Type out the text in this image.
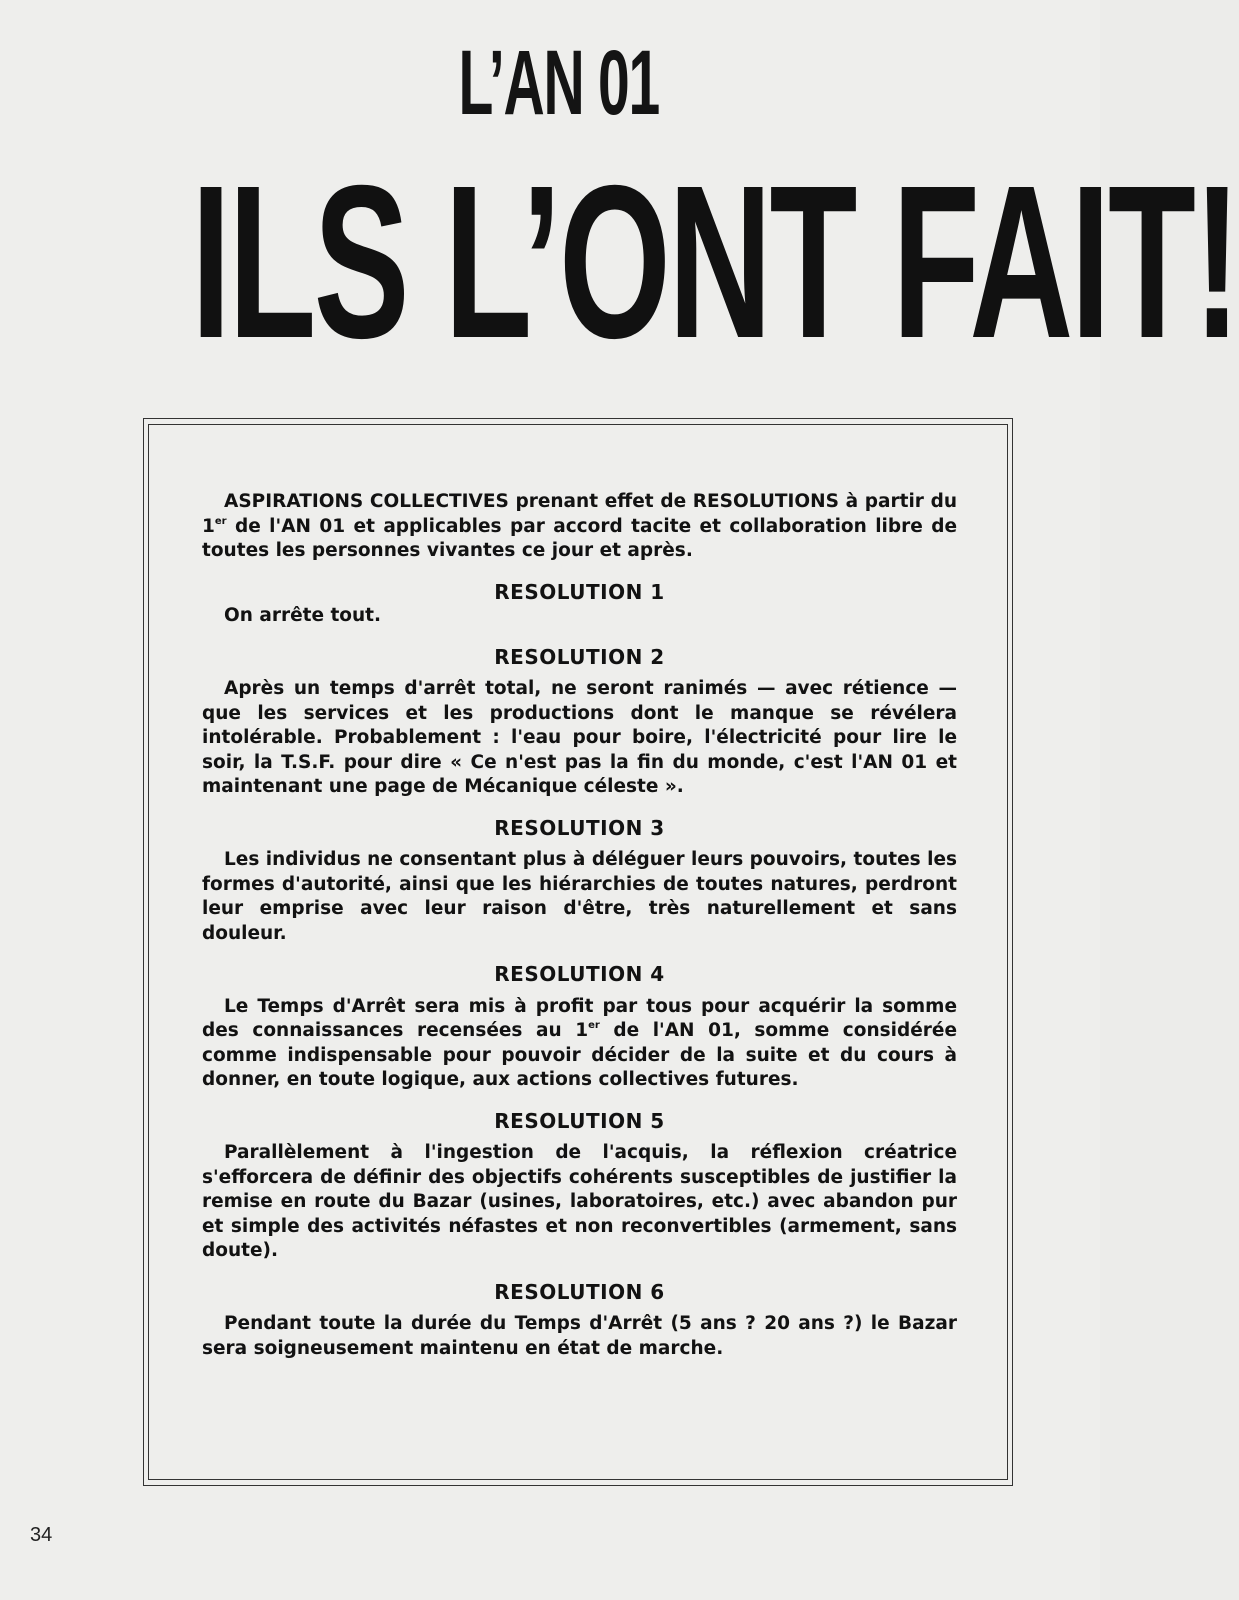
L’AN 01
ILS L’ONT FAIT!

ASPIRATIONS COLLECTIVES prenant effet de RESOLUTIONS à partir du 1er de l'AN 01 et applicables par accord tacite et collaboration libre de toutes les personnes vivantes ce jour et après.

RESOLUTION 1

On arrête tout.

RESOLUTION 2

Après un temps d'arrêt total, ne seront ranimés — avec rétience — que les services et les productions dont le manque se révélera intolérable. Probablement : l'eau pour boire, l'électricité pour lire le soir, la T.S.F. pour dire « Ce n'est pas la fin du monde, c'est l'AN 01 et maintenant une page de Mécanique céleste ».

RESOLUTION 3

Les individus ne consentant plus à déléguer leurs pouvoirs, toutes les formes d'autorité, ainsi que les hiérarchies de toutes natures, perdront leur emprise avec leur raison d'être, très naturellement et sans douleur.

RESOLUTION 4

Le Temps d'Arrêt sera mis à profit par tous pour acquérir la somme des connaissances recensées au 1er de l'AN 01, somme considérée comme indispensable pour pouvoir décider de la suite et du cours à donner, en toute logique, aux actions collectives futures.

RESOLUTION 5

Parallèlement à l'ingestion de l'acquis, la réflexion créatrice s'efforcera de définir des objectifs cohérents susceptibles de justifier la remise en route du Bazar (usines, laboratoires, etc.) avec abandon pur et simple des activités néfastes et non reconvertibles (armement, sans doute).

RESOLUTION 6

Pendant toute la durée du Temps d'Arrêt (5 ans ? 20 ans ?) le Bazar sera soigneusement maintenu en état de marche.

34
